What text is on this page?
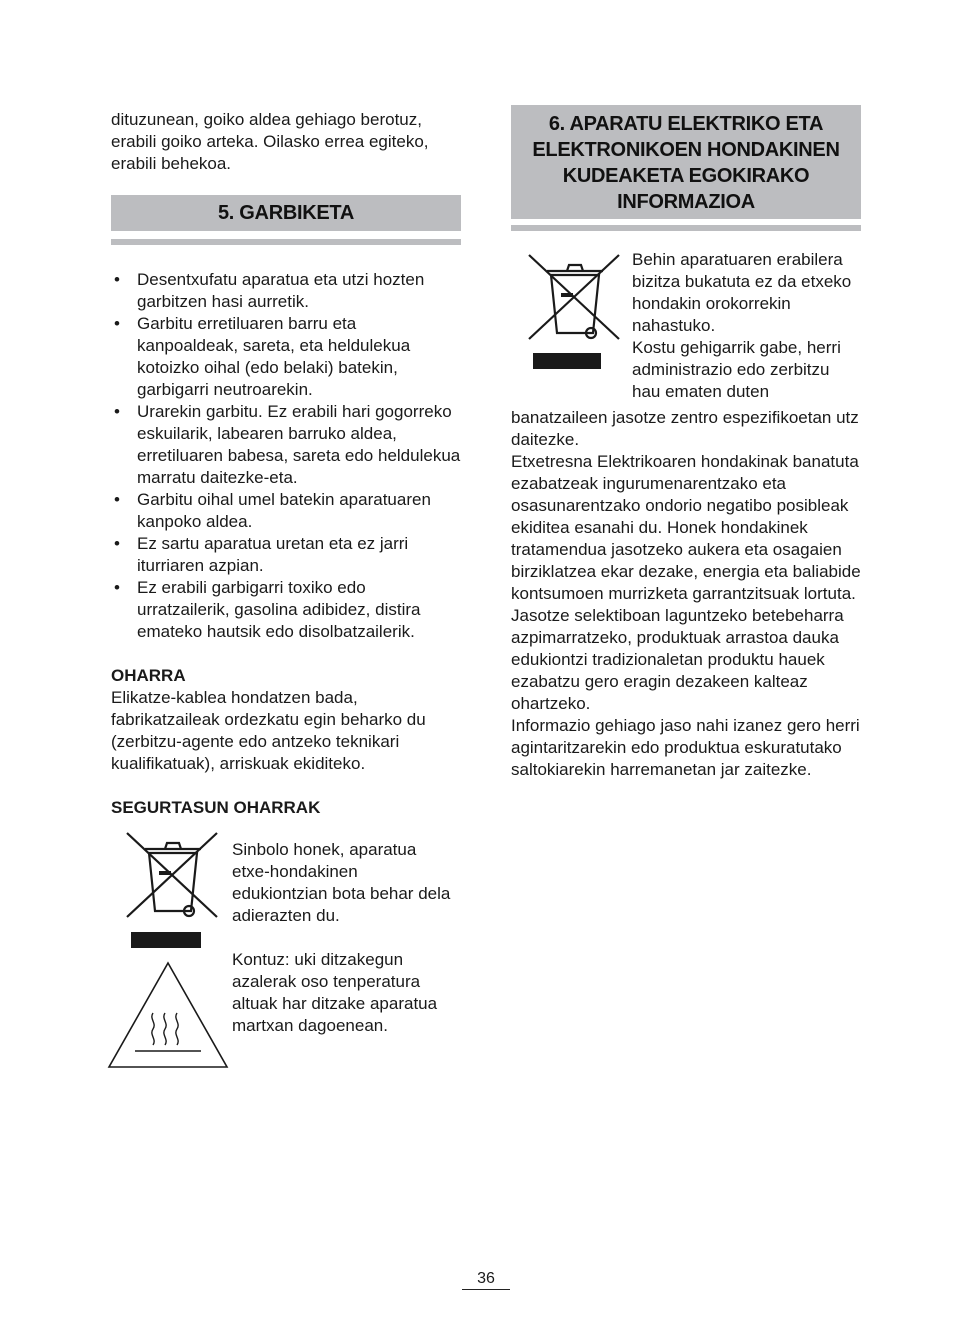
dituzunean, goiko aldea gehiago berotuz, erabili goiko arteka. Oilasko errea egiteko, erabili behekoa.

5. GARBIKETA
• Desentxufatu aparatua eta utzi hozten garbitzen hasi aurretik.
• Garbitu erretiluaren barru eta kanpoaldeak, sareta, eta heldulekua kotoizko oihal (edo belaki) batekin, garbigarri neutroarekin.
• Urarekin garbitu. Ez erabili hari gogorreko eskuilarik, labearen barruko aldea, erretiluaren babesa, sareta edo heldulekua marratu daitezke-eta.
• Garbitu oihal umel batekin aparatuaren kanpoko aldea.
• Ez sartu aparatua uretan eta ez jarri iturriaren azpian.
• Ez erabili garbigarri toxiko edo urratzailerik, gasolina adibidez, distira emateko hautsik edo disolbatzailerik.

OHARRA

Elikatze-kablea hondatzen bada, fabrikatzaileak ordezkatu egin beharko du (zerbitzu-agente edo antzeko teknikari kualifikatuak), arriskuak ekiditeko.

SEGURTASUN OHARRAK

Sinbolo honek, aparatua etxe-hondakinen edukiontzian bota behar dela adierazten du.

Kontuz: uki ditzakegun azalerak oso tenperatura altuak har ditzake aparatua martxan dagoenean.

6. APARATU ELEKTRIKO ETA ELEKTRONIKOEN HONDAKINEN KUDEAKETA EGOKIRAKO INFORMAZIOA

Behin aparatuaren erabilera bizitza bukatuta ez da etxeko hondakin orokorrekin nahastuko.

Kostu gehigarrik gabe, herri administrazio edo zerbitzu hau ematen duten

banatzaileen jasotze zentro espezifikoetan utz daitezke.

Etxetresna Elektrikoaren hondakinak banatuta ezabatzeak ingurumenarentzako eta osasunarentzako ondorio negatibo posibleak ekiditea esanahi du. Honek hondakinek tratamendua jasotzeko aukera eta osagaien birziklatzea ekar dezake, energia eta baliabide kontsumoen murrizketa garrantzitsuak lortuta. Jasotze selektiboan laguntzeko betebeharra azpimarratzeko, produktuak arrastoa dauka edukiontzi tradizionaletan produktu hauek ezabatzu gero eragin dezakeen kalteaz ohartzeko.

Informazio gehiago jaso nahi izanez gero herri agintaritzarekin edo produktua eskuratutako saltokiarekin harremanetan jar zaitezke.

36
